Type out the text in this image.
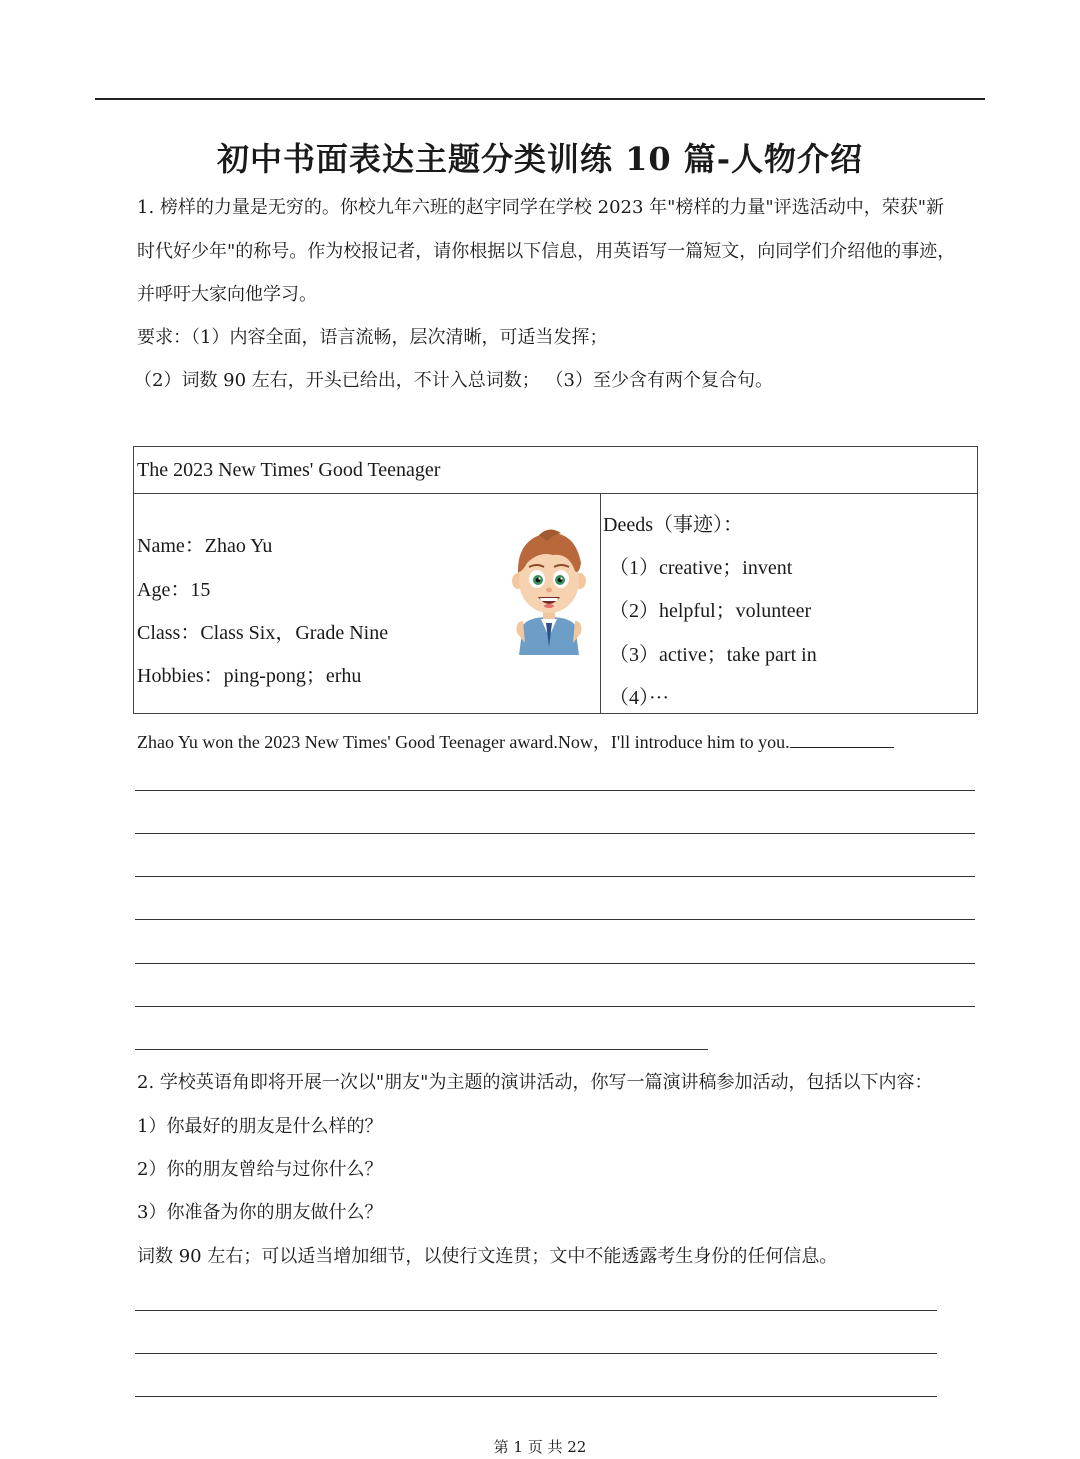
初中书面表达主题分类训练 10 篇-人物介绍
1. 榜样的力量是无穷的。你校九年六班的赵宇同学在学校 2023 年"榜样的力量"评选活动中，荣获"新
时代好少年"的称号。作为校报记者，请你根据以下信息，用英语写一篇短文，向同学们介绍他的事迹，
并呼吁大家向他学习。
要求：（1）内容全面，语言流畅，层次清晰，可适当发挥；
（2）词数 90 左右，开头已给出，不计入总词数； （3）至少含有两个复合句。
The 2023 New Times' Good Teenager
Name：Zhao Yu
Age：15
Class：Class Six，Grade Nine
Hobbies：ping-pong；erhu
Deeds（事迹）：
（1）creative；invent
（2）helpful；volunteer
（3）active；take part in
（4）···
Zhao Yu won the 2023 New Times' Good Teenager award.Now，I'll introduce him to you.
2. 学校英语角即将开展一次以"朋友"为主题的演讲活动，你写一篇演讲稿参加活动，包括以下内容：
1）你最好的朋友是什么样的？
2）你的朋友曾给与过你什么？
3）你准备为你的朋友做什么？
词数 90 左右；可以适当增加细节，以使行文连贯；文中不能透露考生身份的任何信息。
第 1 页 共 22
